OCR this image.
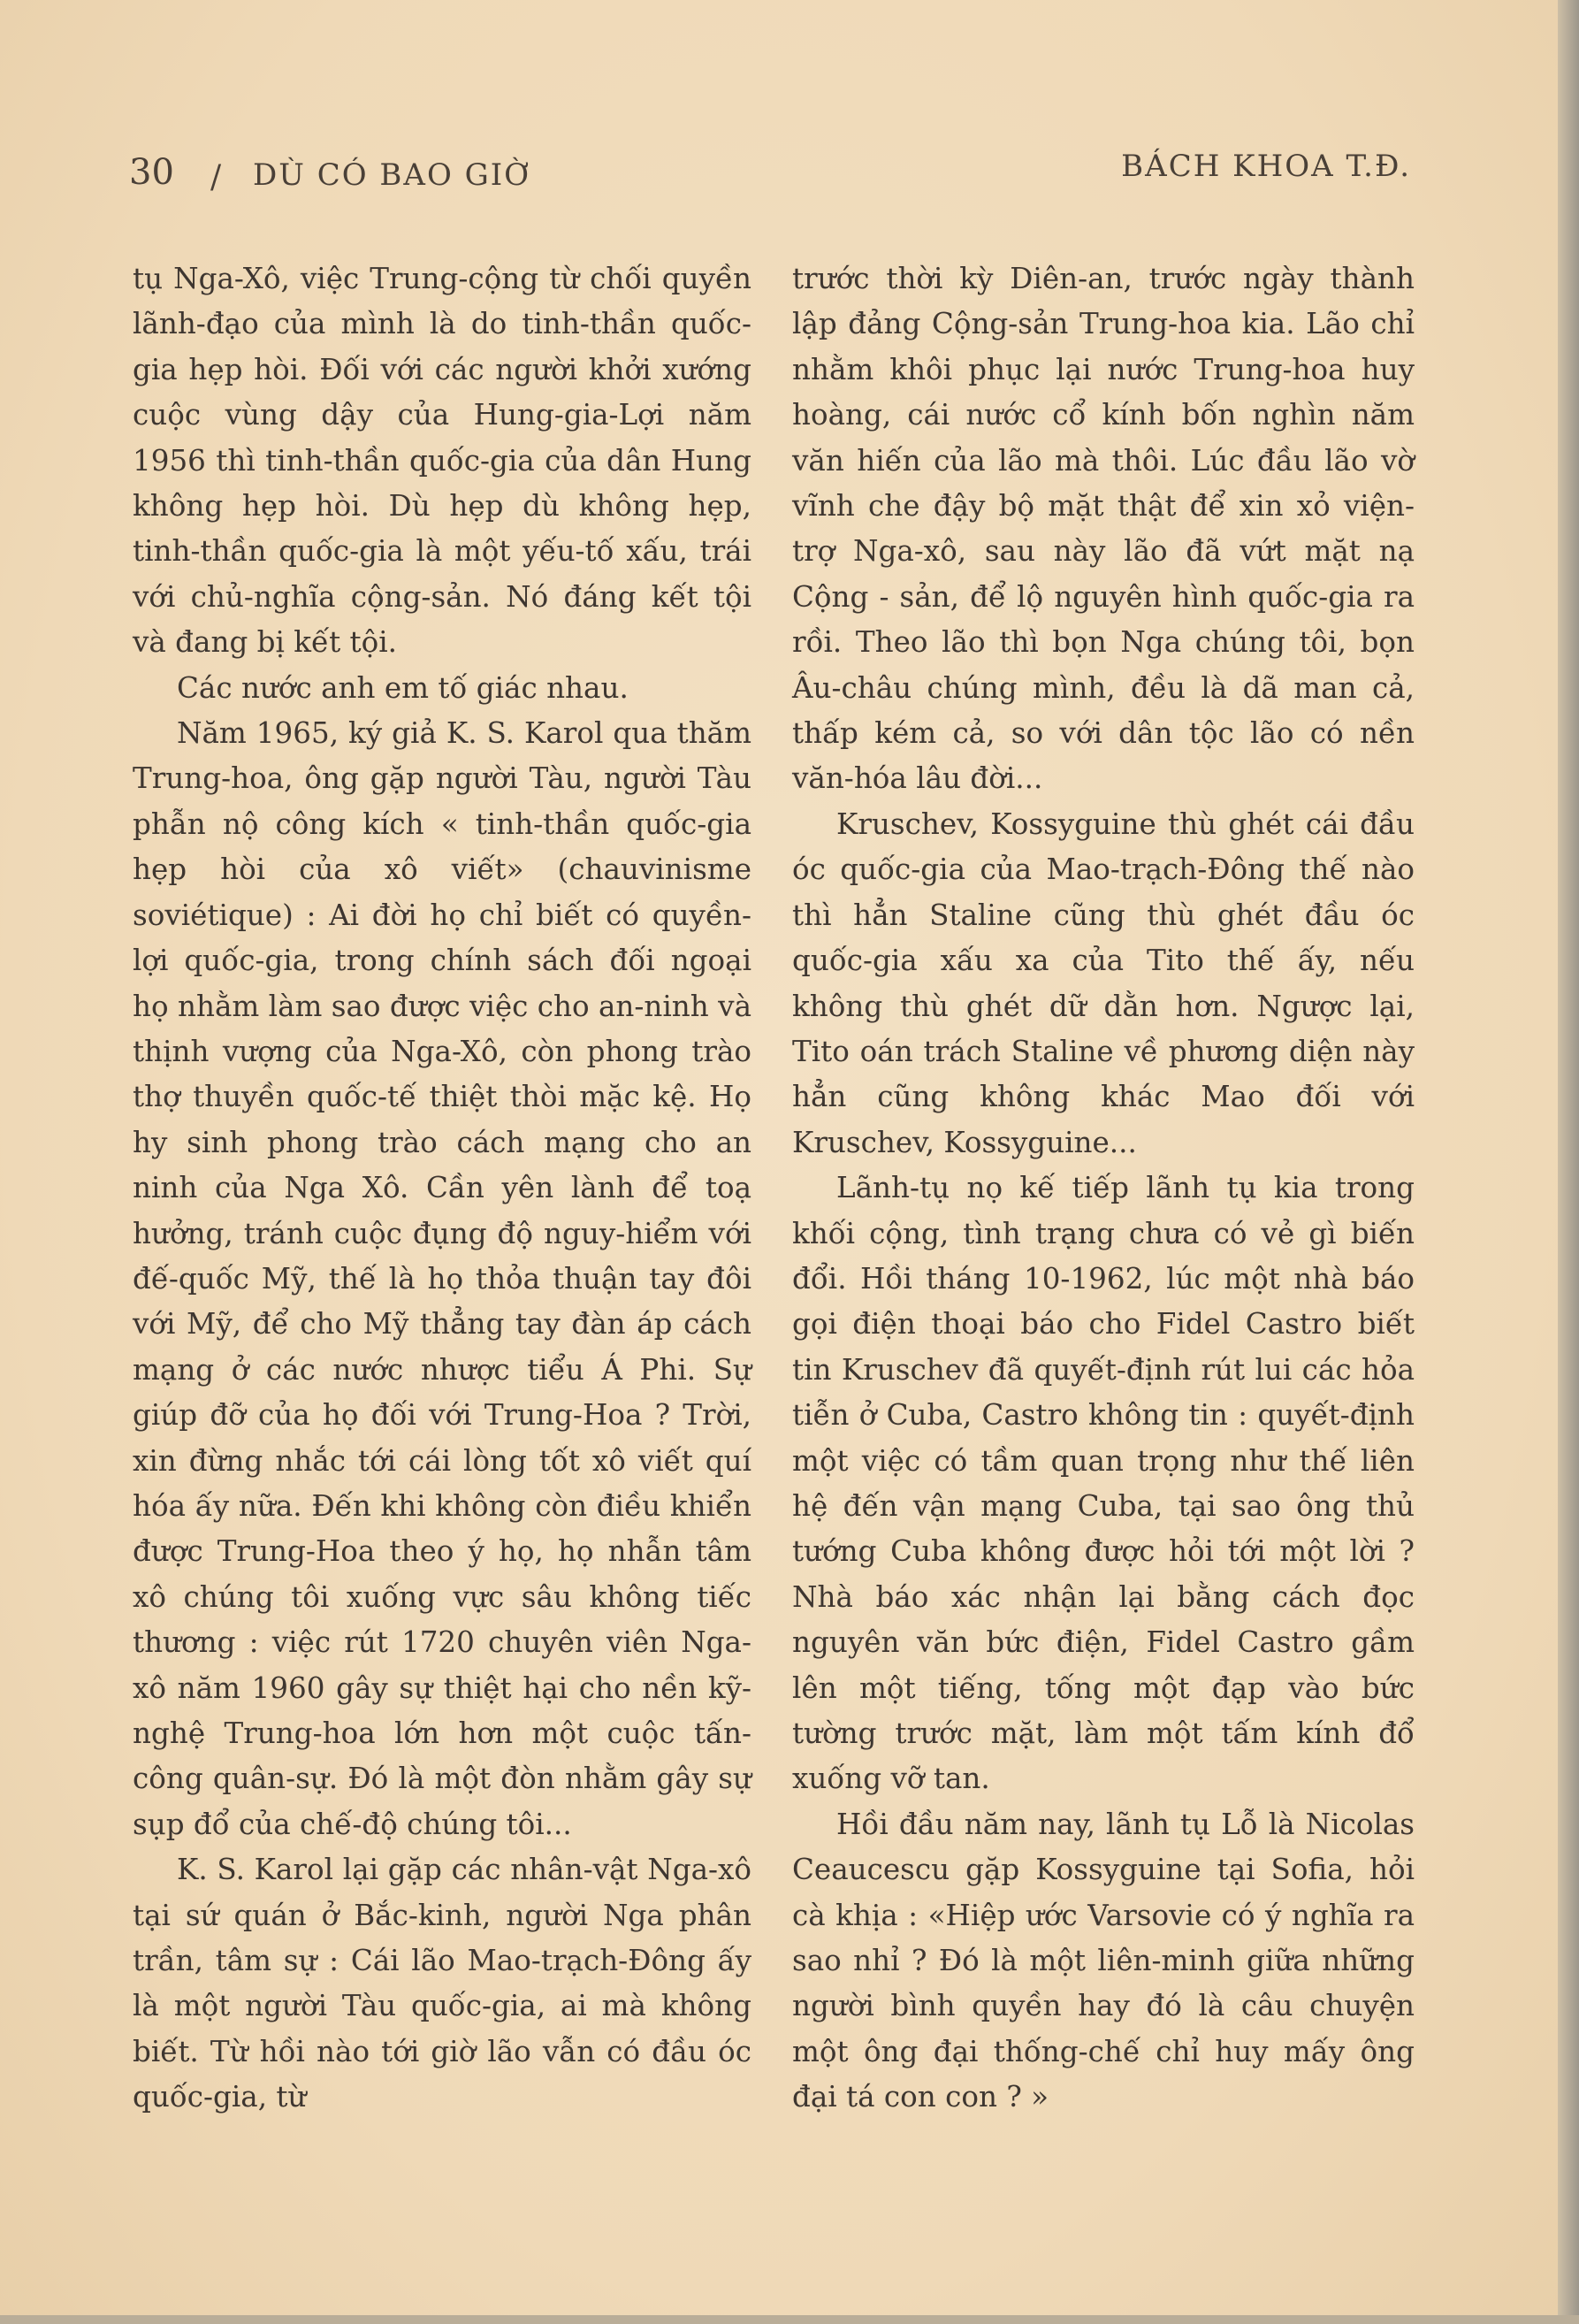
30 / DÙ CÓ BAO GIỜ	BÁCH KHOA T.Đ.

tụ Nga-Xô, việc Trung-cộng từ chối quyền lãnh-đạo của mình là do tinh-thần quốc-gia hẹp hòi. Đối với các người khởi xướng cuộc vùng dậy của Hung-gia-Lợi năm 1956 thì tinh-thần quốc-gia của dân Hung không hẹp hòi. Dù hẹp dù không hẹp, tinh-thần quốc-gia là một yếu-tố xấu, trái với chủ-nghĩa cộng-sản. Nó đáng kết tội và đang bị kết tội.

Các nước anh em tố giác nhau.

Năm 1965, ký giả K. S. Karol qua thăm Trung-hoa, ông gặp người Tàu, người Tàu phẫn nộ công kích « tinh-thần quốc-gia hẹp hòi của xô viết» (chauvinisme soviétique) : Ai đời họ chỉ biết có quyền-lợi quốc-gia, trong chính sách đối ngoại họ nhằm làm sao được việc cho an-ninh và thịnh vượng của Nga-Xô, còn phong trào thợ thuyền quốc-tế thiệt thòi mặc kệ. Họ hy sinh phong trào cách mạng cho an ninh của Nga Xô. Cần yên lành để toạ hưởng, tránh cuộc đụng độ nguy-hiểm với đế-quốc Mỹ, thế là họ thỏa thuận tay đôi với Mỹ, để cho Mỹ thẳng tay đàn áp cách mạng ở các nước nhược tiểu Á Phi. Sự giúp đỡ của họ đối với Trung-Hoa ? Trời, xin đừng nhắc tới cái lòng tốt xô viết quí hóa ấy nữa. Đến khi không còn điều khiển được Trung-Hoa theo ý họ, họ nhẫn tâm xô chúng tôi xuống vực sâu không tiếc thương : việc rút 1720 chuyên viên Nga-xô năm 1960 gây sự thiệt hại cho nền kỹ-nghệ Trung-hoa lớn hơn một cuộc tấn-công quân-sự. Đó là một đòn nhằm gây sự sụp đổ của chế-độ chúng tôi...

K. S. Karol lại gặp các nhân-vật Nga-xô tại sứ quán ở Bắc-kinh, người Nga phân trần, tâm sự : Cái lão Mao-trạch-Đông ấy là một người Tàu quốc-gia, ai mà không biết. Từ hồi nào tới giờ lão vẫn có đầu óc quốc-gia, từ

trước thời kỳ Diên-an, trước ngày thành lập đảng Cộng-sản Trung-hoa kia. Lão chỉ nhằm khôi phục lại nước Trung-hoa huy hoàng, cái nước cổ kính bốn nghìn năm văn hiến của lão mà thôi. Lúc đầu lão vờ vĩnh che đậy bộ mặt thật để xin xỏ viện-trợ Nga-xô, sau này lão đã vứt mặt nạ Cộng - sản, để lộ nguyên hình quốc-gia ra rồi. Theo lão thì bọn Nga chúng tôi, bọn Âu-châu chúng mình, đều là dã man cả, thấp kém cả, so với dân tộc lão có nền văn-hóa lâu đời...

Kruschev, Kossyguine thù ghét cái đầu óc quốc-gia của Mao-trạch-Đông thế nào thì hẳn Staline cũng thù ghét đầu óc quốc-gia xấu xa của Tito thế ấy, nếu không thù ghét dữ dằn hơn. Ngược lại, Tito oán trách Staline về phương diện này hẳn cũng không khác Mao đối với Kruschev, Kossyguine...

Lãnh-tụ nọ kế tiếp lãnh tụ kia trong khối cộng, tình trạng chưa có vẻ gì biến đổi. Hồi tháng 10-1962, lúc một nhà báo gọi điện thoại báo cho Fidel Castro biết tin Kruschev đã quyết-định rút lui các hỏa tiễn ở Cuba, Castro không tin : quyết-định một việc có tầm quan trọng như thế liên hệ đến vận mạng Cuba, tại sao ông thủ tướng Cuba không được hỏi tới một lời ? Nhà báo xác nhận lại bằng cách đọc nguyên văn bức điện, Fidel Castro gầm lên một tiếng, tống một đạp vào bức tường trước mặt, làm một tấm kính đổ xuống vỡ tan.

Hồi đầu năm nay, lãnh tụ Lỗ là Nicolas Ceaucescu gặp Kossyguine tại Sofia, hỏi cà khịa : «Hiệp ước Varsovie có ý nghĩa ra sao nhỉ ? Đó là một liên-minh giữa những người bình quyền hay đó là câu chuyện một ông đại thống-chế chỉ huy mấy ông đại tá con con ? »
